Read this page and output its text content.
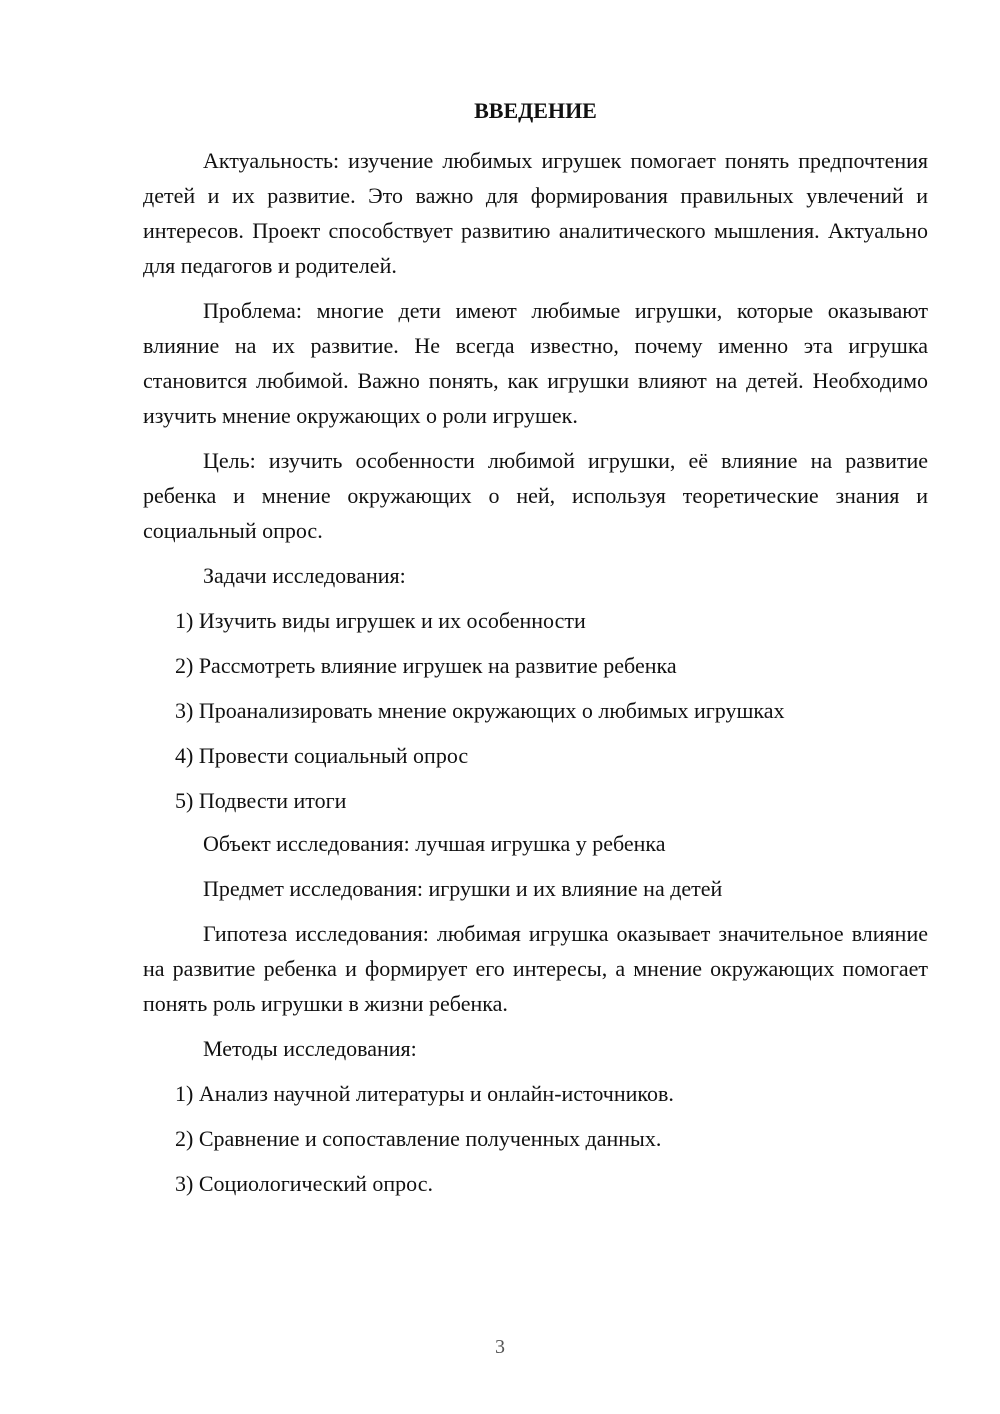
ВВЕДЕНИЕ

Актуальность: изучение любимых игрушек помогает понять предпочтения детей и их развитие. Это важно для формирования правильных увлечений и интересов. Проект способствует развитию аналитического мышления. Актуально для педагогов и родителей.

Проблема: многие дети имеют любимые игрушки, которые оказывают влияние на их развитие. Не всегда известно, почему именно эта игрушка становится любимой. Важно понять, как игрушки влияют на детей. Необходимо изучить мнение окружающих о роли игрушек.

Цель: изучить особенности любимой игрушки, её влияние на развитие ребенка и мнение окружающих о ней, используя теоретические знания и социальный опрос.

Задачи исследования:

1) Изучить виды игрушек и их особенности
2) Рассмотреть влияние игрушек на развитие ребенка
3) Проанализировать мнение окружающих о любимых игрушках
4) Провести социальный опрос
5) Подвести итоги

Объект исследования: лучшая игрушка у ребенка

Предмет исследования: игрушки и их влияние на детей

Гипотеза исследования: любимая игрушка оказывает значительное влияние на развитие ребенка и формирует его интересы, а мнение окружающих помогает понять роль игрушки в жизни ребенка.

Методы исследования:

1) Анализ научной литературы и онлайн-источников.
2) Сравнение и сопоставление полученных данных.
3) Социологический опрос.
3
